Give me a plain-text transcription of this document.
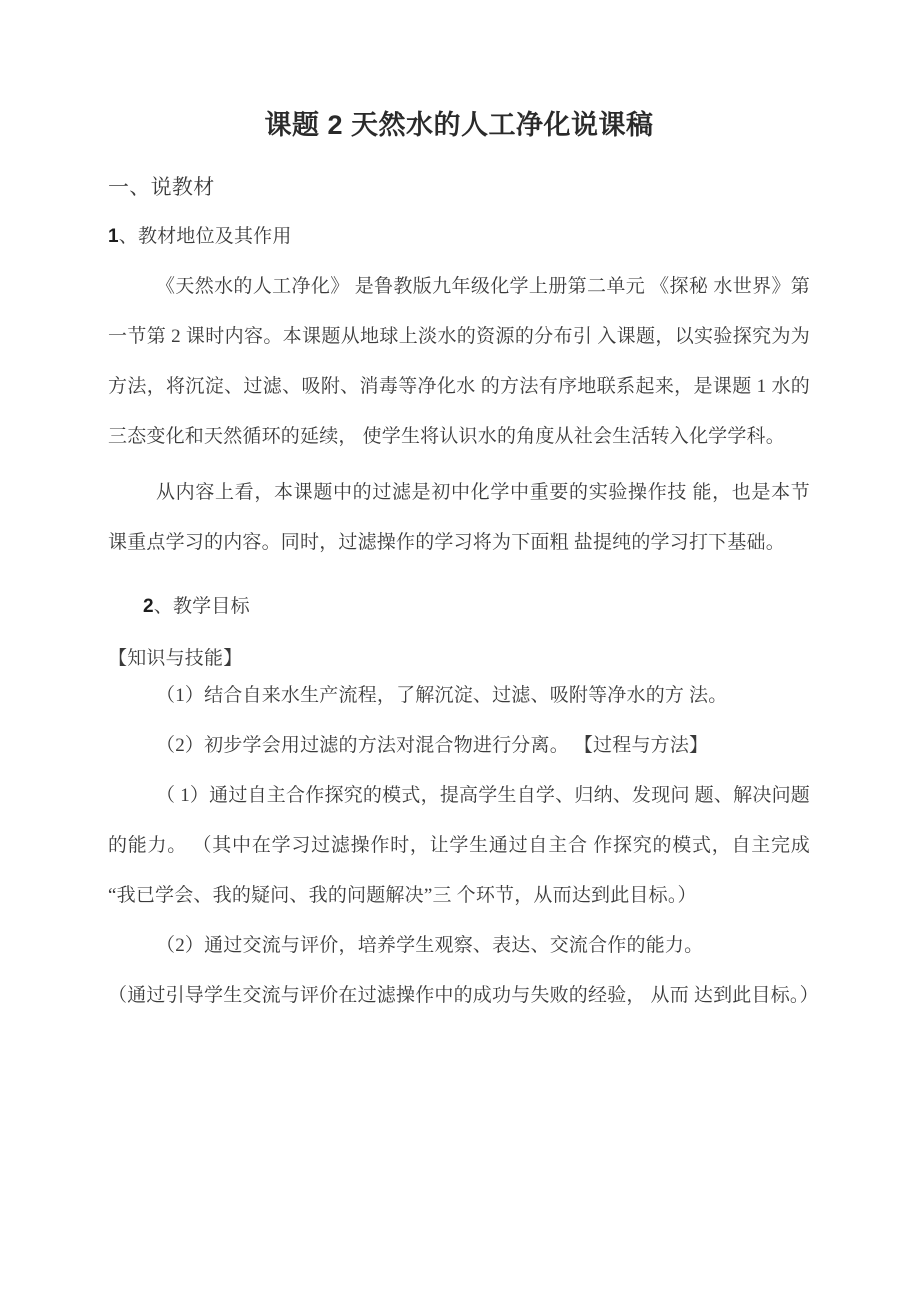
课题 2 天然水的人工净化说课稿

一、说教材

1、教材地位及其作用

《天然水的人工净化》 是鲁教版九年级化学上册第二单元 《探秘 水世界》第一节第 2 课时内容。本课题从地球上淡水的资源的分布引 入课题，以实验探究为为方法，将沉淀、过滤、吸附、消毒等净化水 的方法有序地联系起来，是课题 1 水的三态变化和天然循环的延续， 使学生将认识水的角度从社会生活转入化学学科。

从内容上看，本课题中的过滤是初中化学中重要的实验操作技 能，也是本节课重点学习的内容。同时，过滤操作的学习将为下面粗 盐提纯的学习打下基础。

2、教学目标

【知识与技能】

（1）结合自来水生产流程，了解沉淀、过滤、吸附等净水的方 法。

（2）初步学会用过滤的方法对混合物进行分离。 【过程与方法】

（ 1）通过自主合作探究的模式，提高学生自学、归纳、发现问 题、解决问题的能力。 （其中在学习过滤操作时，让学生通过自主合 作探究的模式，自主完成“我已学会、我的疑问、我的问题解决”三 个环节，从而达到此目标。）

（2）通过交流与评价，培养学生观察、表达、交流合作的能力。

（通过引导学生交流与评价在过滤操作中的成功与失败的经验， 从而 达到此目标。）
